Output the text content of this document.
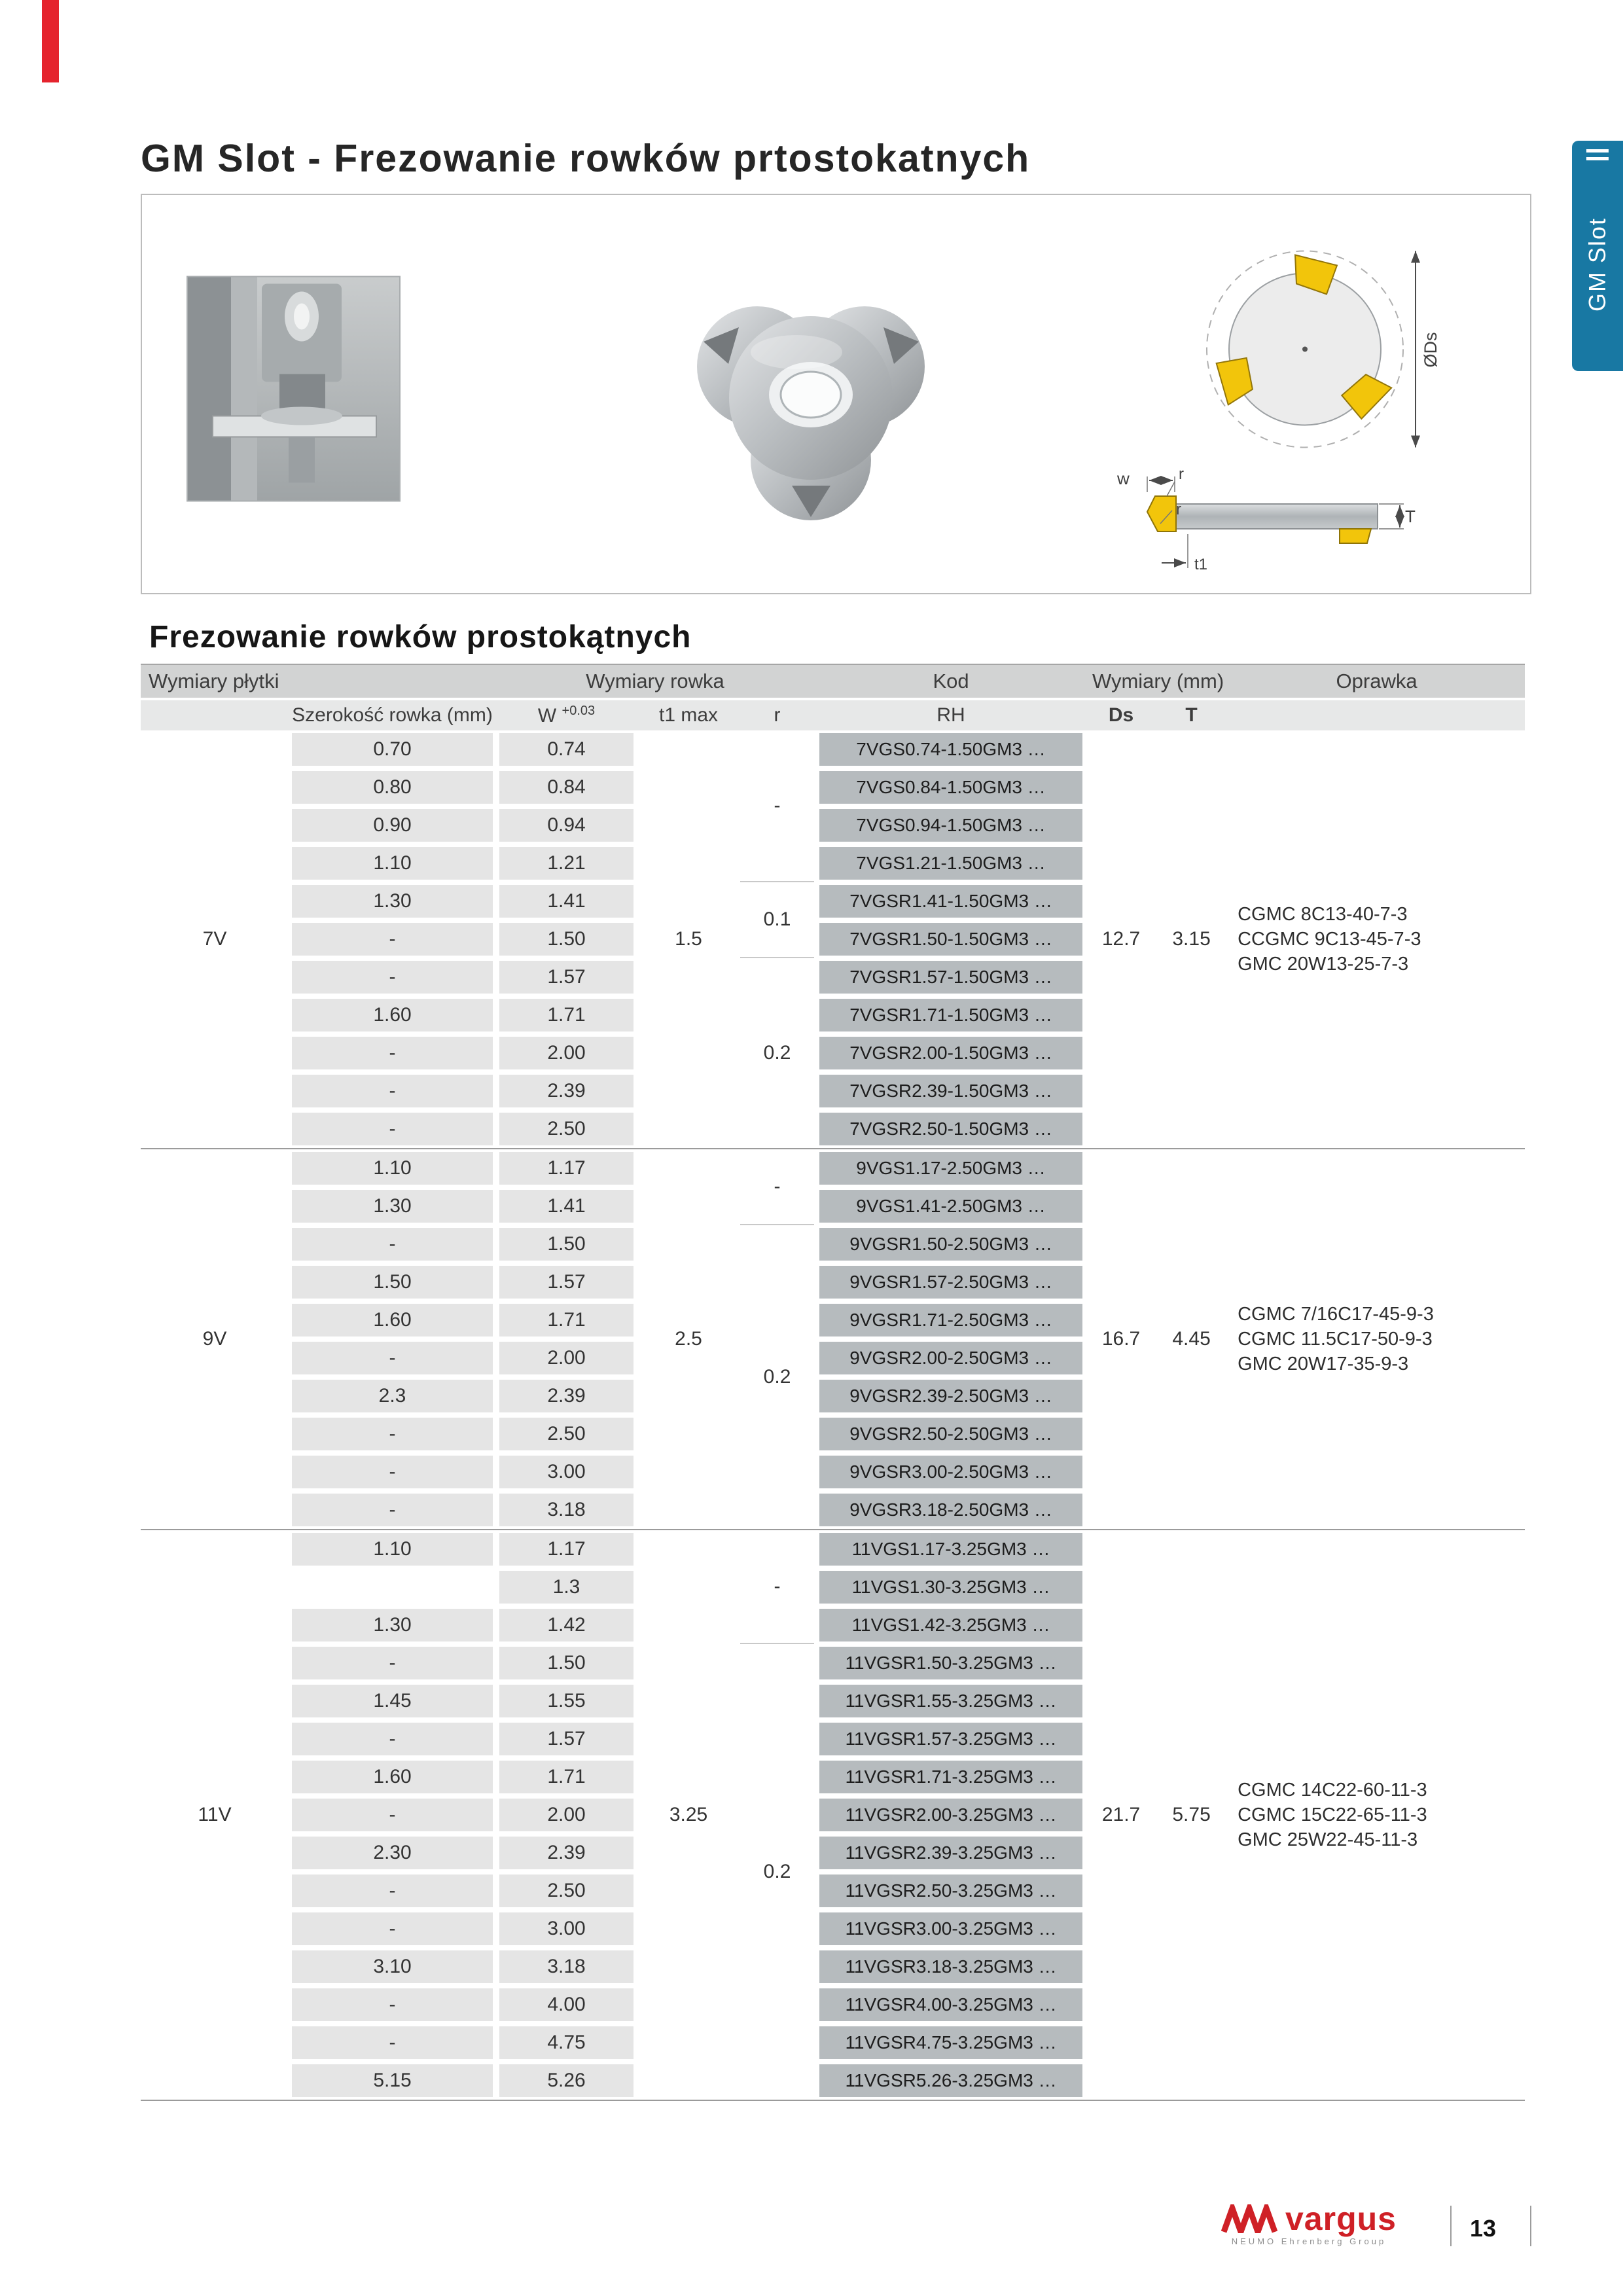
GM Slot - Frezowanie rowków prtostokatnych
ØDs
w	r
r
t1
T
GM Slot
Frezowanie rowków prostokątnych
Wymiary płytki		Wymiary rowka			Kod	Wymiary (mm)		Oprawka
	Szerokość rowka (mm)	W $^{+0.03}$	t1 max	r	RH	Ds	T	
7V	0.70	0.74	1.5	-	7VGS0.74-1.50GM3 …	12.7	3.15	CGMC 8C13-40-7-3
CCGMC 9C13-45-7-3
GMC 20W13-25-7-3

	0.80	0.84			7VGS0.84-1.50GM3 …			
	0.90	0.94			7VGS0.94-1.50GM3 …			
	1.10	1.21			7VGS1.21-1.50GM3 …			
	1.30	1.41		0.1	7VGSR1.41-1.50GM3 …			
	-	1.50			7VGSR1.50-1.50GM3 …			
	-	1.57		0.2	7VGSR1.57-1.50GM3 …			
	1.60	1.71			7VGSR1.71-1.50GM3 …			
	-	2.00			7VGSR2.00-1.50GM3 …			
	-	2.39			7VGSR2.39-1.50GM3 …			
	-	2.50			7VGSR2.50-1.50GM3 …			

9V	1.10	1.17	2.5	-	9VGS1.17-2.50GM3 …	16.7	4.45	CGMC 7/16C17-45-9-3
CGMC 11.5C17-50-9-3
GMC 20W17-35-9-3

	1.30	1.41			9VGS1.41-2.50GM3 …			
	-	1.50		0.2	9VGSR1.50-2.50GM3 …			
	1.50	1.57			9VGSR1.57-2.50GM3 …			
	1.60	1.71			9VGSR1.71-2.50GM3 …			
	-	2.00			9VGSR2.00-2.50GM3 …			
	2.3	2.39			9VGSR2.39-2.50GM3 …			
	-	2.50			9VGSR2.50-2.50GM3 …			
	-	3.00			9VGSR3.00-2.50GM3 …			
	-	3.18			9VGSR3.18-2.50GM3 …			

11V	1.10	1.17	3.25	-	11VGS1.17-3.25GM3 …	21.7	5.75	CGMC 14C22-60-11-3
CGMC 15C22-65-11-3
GMC 25W22-45-11-3

		1.3			11VGS1.30-3.25GM3 …			
	1.30	1.42			11VGS1.42-3.25GM3 …			
	-	1.50		0.2	11VGSR1.50-3.25GM3 …			
	1.45	1.55			11VGSR1.55-3.25GM3 …			
	-	1.57			11VGSR1.57-3.25GM3 …			
	1.60	1.71			11VGSR1.71-3.25GM3 …			
	-	2.00			11VGSR2.00-3.25GM3 …			
	2.30	2.39			11VGSR2.39-3.25GM3 …			
	-	2.50			11VGSR2.50-3.25GM3 …			
	-	3.00			11VGSR3.00-3.25GM3 …			
	3.10	3.18			11VGSR3.18-3.25GM3 …			
	-	4.00			11VGSR4.00-3.25GM3 …			
	-	4.75			11VGSR4.75-3.25GM3 …			
	5.15	5.26			11VGSR5.26-3.25GM3 …			

vargus
NEUMO Ehrenberg Group	13
